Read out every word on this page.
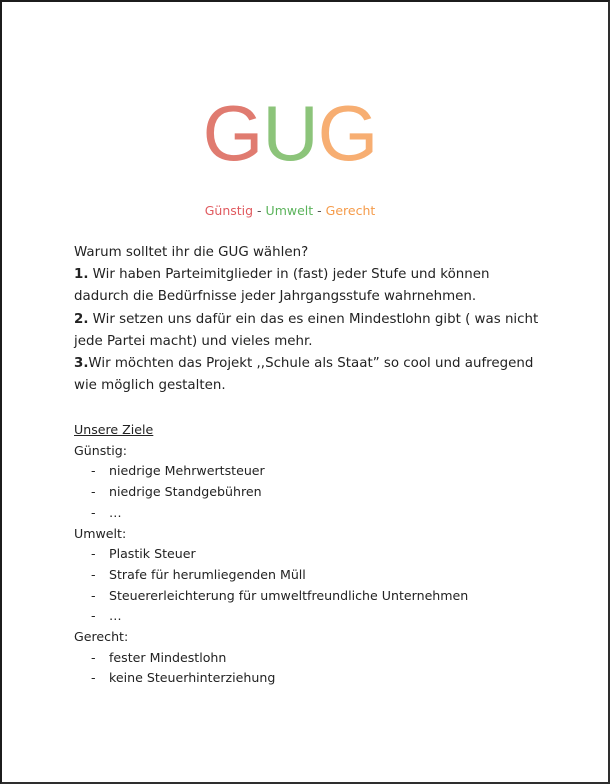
GUG
Günstig - Umwelt - Gerecht

Warum solltet ihr die GUG wählen?

1. Wir haben Parteimitglieder in (fast) jeder Stufe und können dadurch die Bedürfnisse jeder Jahrgangsstufe wahrnehmen.

2. Wir setzen uns dafür ein das es einen Mindestlohn gibt ( was nicht jede Partei macht) und vieles mehr.

3.Wir möchten das Projekt ,,Schule als Staat” so cool und aufregend wie möglich gestalten.

Unsere Ziele
Günstig:
- niedrige Mehrwertsteuer
- niedrige Standgebühren
- …
Umwelt:
- Plastik Steuer
- Strafe für herumliegenden Müll
- Steuererleichterung für umweltfreundliche Unternehmen
- …
Gerecht:
- fester Mindestlohn
- keine Steuerhinterziehung
